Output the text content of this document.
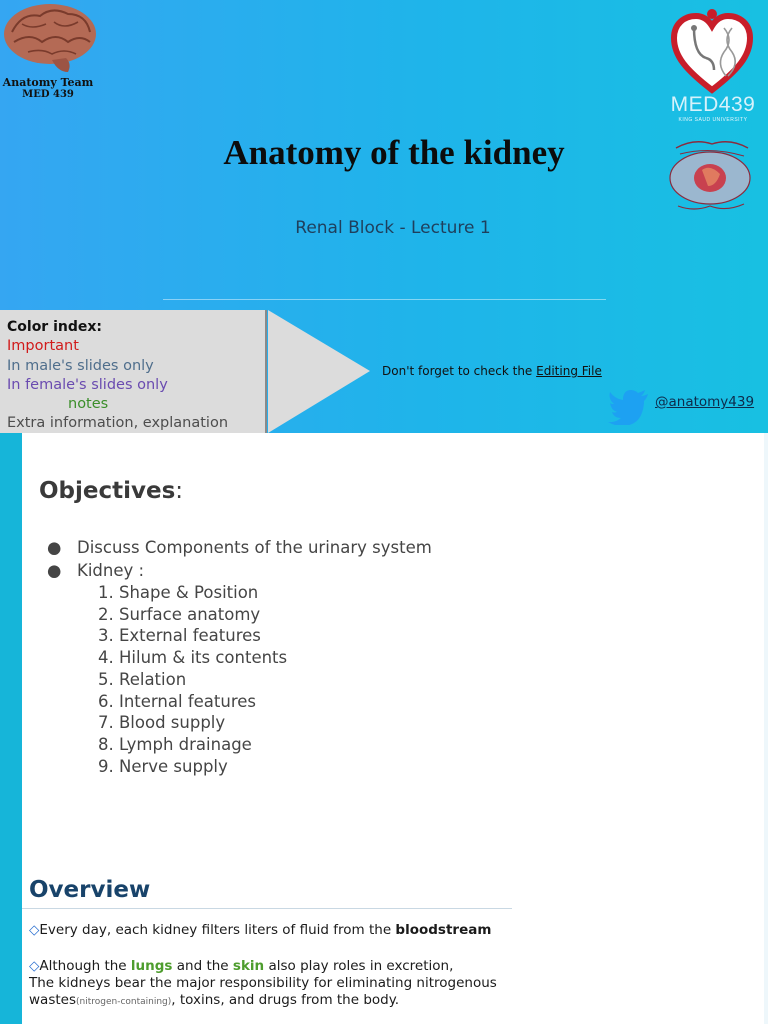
Anatomy Team
MED 439	MED439
KING SAUD UNIVERSITY
Anatomy of the kidney
Renal Block - Lecture 1
Color index:
Important
In male's slides only
In female's slides only
notes
Extra information, explanation
Don't forget to check the Editing File
@anatomy439
Objectives:
● Discuss Components of the urinary system
● Kidney :
1. Shape & Position
2. Surface anatomy
3. External features
4. Hilum & its contents
5. Relation
6. Internal features
7. Blood supply
8. Lymph drainage
9. Nerve supply
Overview
◇Every day, each kidney filters liters of fluid from the bloodstream
◇Although the lungs and the skin also play roles in excretion,
The kidneys bear the major responsibility for eliminating nitrogenous
wastes(nitrogen-containing), toxins, and drugs from the body.
